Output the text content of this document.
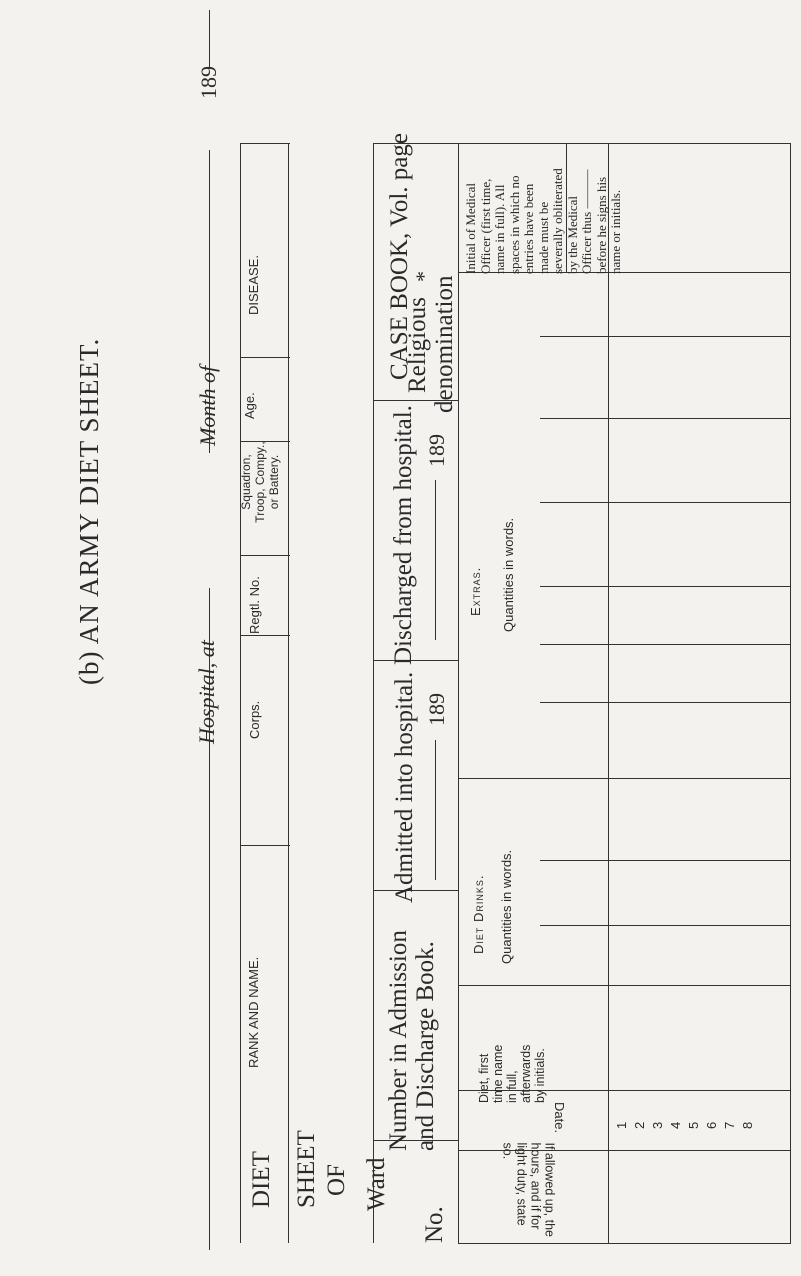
(b) AN ARMY DIET SHEET.
Hospital, at
Month of
189
DISEASE.
Age.
Squadron, Troop, Compy., or Battery.
Regtl. No.
Corps.
RANK AND NAME.
DIET SHEET OF Ward
No.
Number in Admission and Discharge Book.
Admitted into hospital. 189
Discharged from hospital. 189
CASE BOOK, Vol. page
Religious denomination
*
Initial of Medical Officer (first time, name in full). All spaces in which no entries have been made must be severally obliterated by the Medical Officer thus ——— before he signs his name or initials.
Extras. Quantities in words.
Diet Drinks. Quantities in words.
Diet, first time name in full, afterwards by initials.
Date.
If allowed up, the hours, and if for light duty, state so.
1 2 3 4 5 6 7 8
